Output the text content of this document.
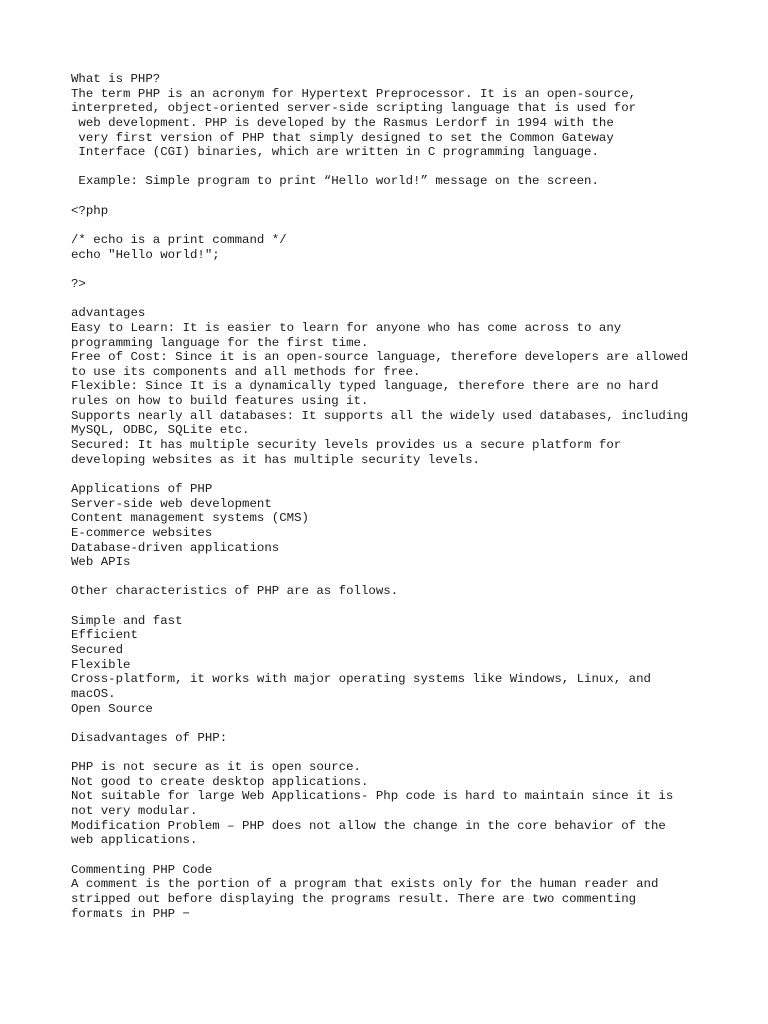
What is PHP?
The term PHP is an acronym for Hypertext Preprocessor. It is an open-source,
interpreted, object-oriented server-side scripting language that is used for
web development. PHP is developed by the Rasmus Lerdorf in 1994 with the
very first version of PHP that simply designed to set the Common Gateway
Interface (CGI) binaries, which are written in C programming language.
Example: Simple program to print “Hello world!” message on the screen.
<?php
/* echo is a print command */
echo "Hello world!";
?>
advantages
Easy to Learn: It is easier to learn for anyone who has come across to any
programming language for the first time.
Free of Cost: Since it is an open-source language, therefore developers are allowed
to use its components and all methods for free.
Flexible: Since It is a dynamically typed language, therefore there are no hard
rules on how to build features using it.
Supports nearly all databases: It supports all the widely used databases, including
MySQL, ODBC, SQLite etc.
Secured: It has multiple security levels provides us a secure platform for
developing websites as it has multiple security levels.
Applications of PHP
Server-side web development
Content management systems (CMS)
E-commerce websites
Database-driven applications
Web APIs
Other characteristics of PHP are as follows.
Simple and fast
Efficient
Secured
Flexible
Cross-platform, it works with major operating systems like Windows, Linux, and
macOS.
Open Source
Disadvantages of PHP:
PHP is not secure as it is open source.
Not good to create desktop applications.
Not suitable for large Web Applications- Php code is hard to maintain since it is
not very modular.
Modification Problem – PHP does not allow the change in the core behavior of the
web applications.
Commenting PHP Code
A comment is the portion of a program that exists only for the human reader and
stripped out before displaying the programs result. There are two commenting
formats in PHP −
